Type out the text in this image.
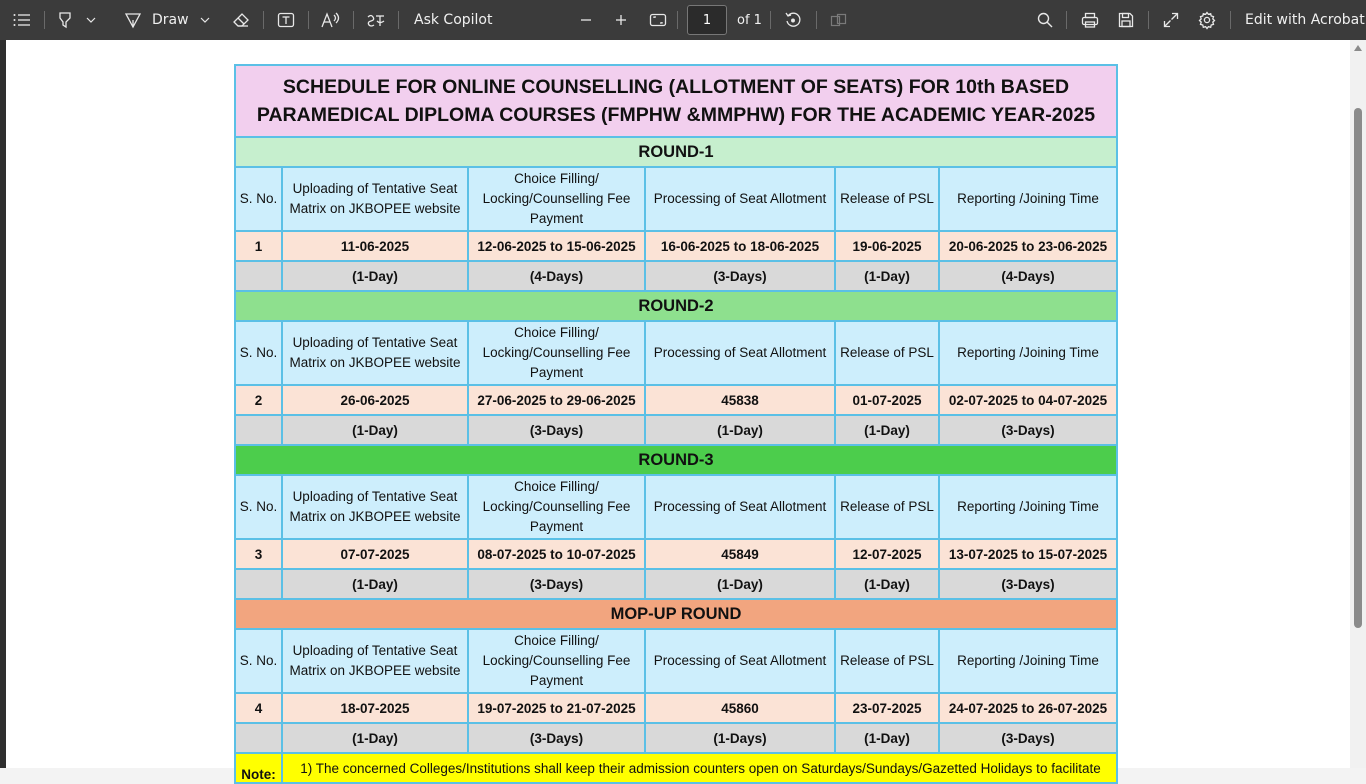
Draw	Ask Copilot	1	of 1	Edit with Acrobat
SCHEDULE FOR ONLINE COUNSELLING (ALLOTMENT OF SEATS) FOR 10th BASED PARAMEDICAL DIPLOMA COURSES (FMPHW &MMPHW) FOR THE ACADEMIC YEAR-2025					
ROUND-1					
S. No.	Uploading of Tentative Seat Matrix on JKBOPEE website	Choice Filling/ Locking/Counselling Fee Payment	Processing of Seat Allotment	Release of PSL	Reporting /Joining Time
1	11-06-2025	12-06-2025 to 15-06-2025	16-06-2025 to 18-06-2025	19-06-2025	20-06-2025 to 23-06-2025
	(1-Day)	(4-Days)	(3-Days)	(1-Day)	(4-Days)
ROUND-2					
S. No.	Uploading of Tentative Seat Matrix on JKBOPEE website	Choice Filling/ Locking/Counselling Fee Payment	Processing of Seat Allotment	Release of PSL	Reporting /Joining Time
2	26-06-2025	27-06-2025 to 29-06-2025	45838	01-07-2025	02-07-2025 to 04-07-2025
	(1-Day)	(3-Days)	(1-Day)	(1-Day)	(3-Days)
ROUND-3					
S. No.	Uploading of Tentative Seat Matrix on JKBOPEE website	Choice Filling/ Locking/Counselling Fee Payment	Processing of Seat Allotment	Release of PSL	Reporting /Joining Time
3	07-07-2025	08-07-2025 to 10-07-2025	45849	12-07-2025	13-07-2025 to 15-07-2025
	(1-Day)	(3-Days)	(1-Day)	(1-Day)	(3-Days)
MOP-UP ROUND					
S. No.	Uploading of Tentative Seat Matrix on JKBOPEE website	Choice Filling/ Locking/Counselling Fee Payment	Processing of Seat Allotment	Release of PSL	Reporting /Joining Time
4	18-07-2025	19-07-2025 to 21-07-2025	45860	23-07-2025	24-07-2025 to 26-07-2025
	(1-Day)	(3-Days)	(1-Days)	(1-Day)	(3-Days)
Note:	1) The concerned Colleges/Institutions shall keep their admission counters open on Saturdays/Sundays/Gazetted Holidays to facilitate				
